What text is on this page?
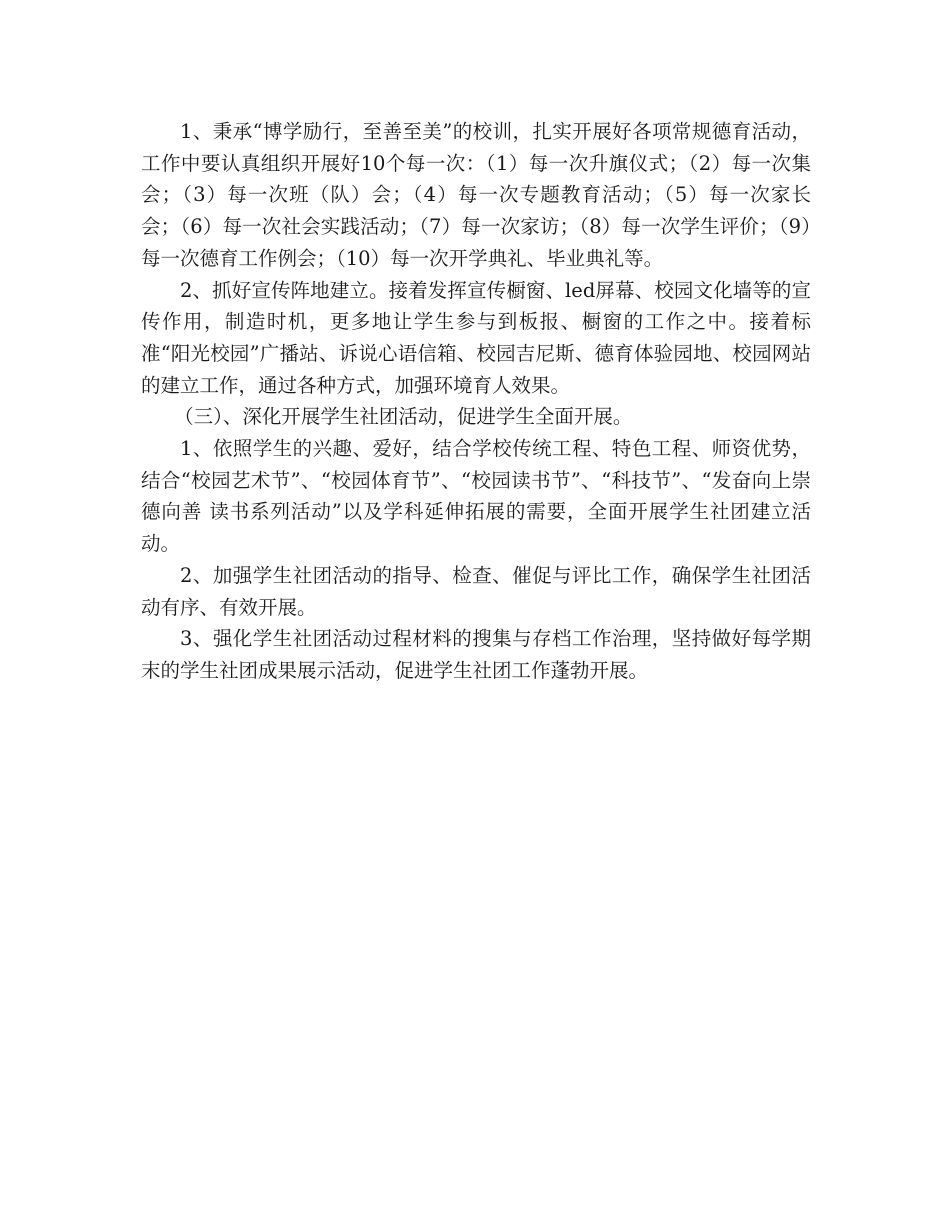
1、秉承“博学励行，至善至美”的校训，扎实开展好各项常规德育活动，工作中要认真组织开展好10个每一次：（1）每一次升旗仪式；（2）每一次集会；（3）每一次班（队）会；（4）每一次专题教育活动；（5）每一次家长会；（6）每一次社会实践活动；（7）每一次家访；（8）每一次学生评价；（9）每一次德育工作例会；（10）每一次开学典礼、毕业典礼等。

2、抓好宣传阵地建立。接着发挥宣传橱窗、led屏幕、校园文化墙等的宣传作用，制造时机，更多地让学生参与到板报、橱窗的工作之中。接着标准“阳光校园”广播站、诉说心语信箱、校园吉尼斯、德育体验园地、校园网站的建立工作，通过各种方式，加强环境育人效果。

（三）、深化开展学生社团活动，促进学生全面开展。

1、依照学生的兴趣、爱好，结合学校传统工程、特色工程、师资优势，结合“校园艺术节”、“校园体育节”、“校园读书节”、“科技节”、“发奋向上崇德向善 读书系列活动”以及学科延伸拓展的需要，全面开展学生社团建立活动。

2、加强学生社团活动的指导、检查、催促与评比工作，确保学生社团活动有序、有效开展。

3、强化学生社团活动过程材料的搜集与存档工作治理，坚持做好每学期末的学生社团成果展示活动，促进学生社团工作蓬勃开展。
